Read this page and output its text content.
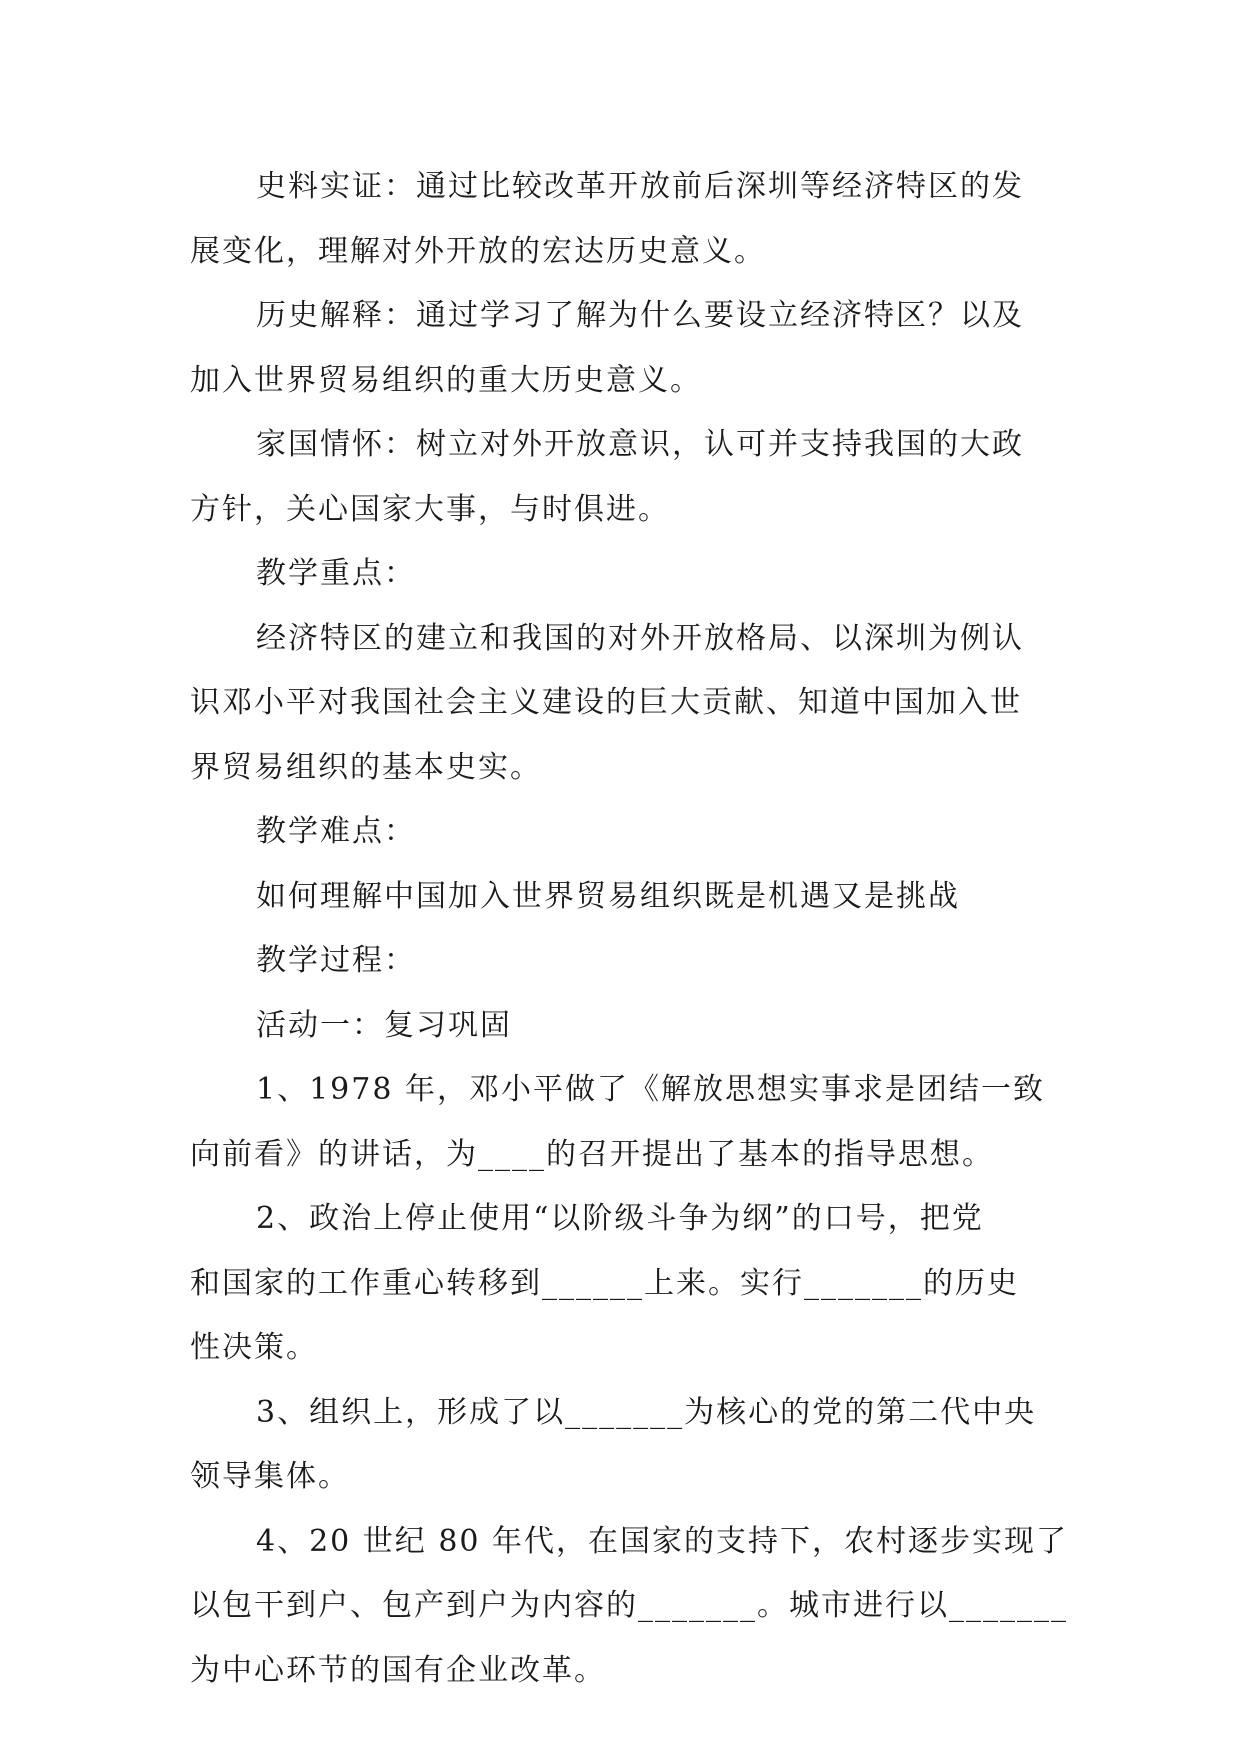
史料实证：通过比较改革开放前后深圳等经济特区的发
展变化，理解对外开放的宏达历史意义。
历史解释：通过学习了解为什么要设立经济特区？以及
加入世界贸易组织的重大历史意义。
家国情怀：树立对外开放意识，认可并支持我国的大政
方针，关心国家大事，与时俱进。
教学重点：
经济特区的建立和我国的对外开放格局、以深圳为例认
识邓小平对我国社会主义建设的巨大贡献、知道中国加入世
界贸易组织的基本史实。
教学难点：
如何理解中国加入世界贸易组织既是机遇又是挑战
教学过程：
活动一：复习巩固
1、1978 年，邓小平做了《解放思想实事求是团结一致
向前看》的讲话，为____的召开提出了基本的指导思想。
2、政治上停止使用“以阶级斗争为纲”的口号，把党
和国家的工作重心转移到______上来。实行_______的历史
性决策。
3、组织上，形成了以_______为核心的党的第二代中央
领导集体。
4、20 世纪 80 年代，在国家的支持下，农村逐步实现了
以包干到户、包产到户为内容的_______。城市进行以_______
为中心环节的国有企业改革。
